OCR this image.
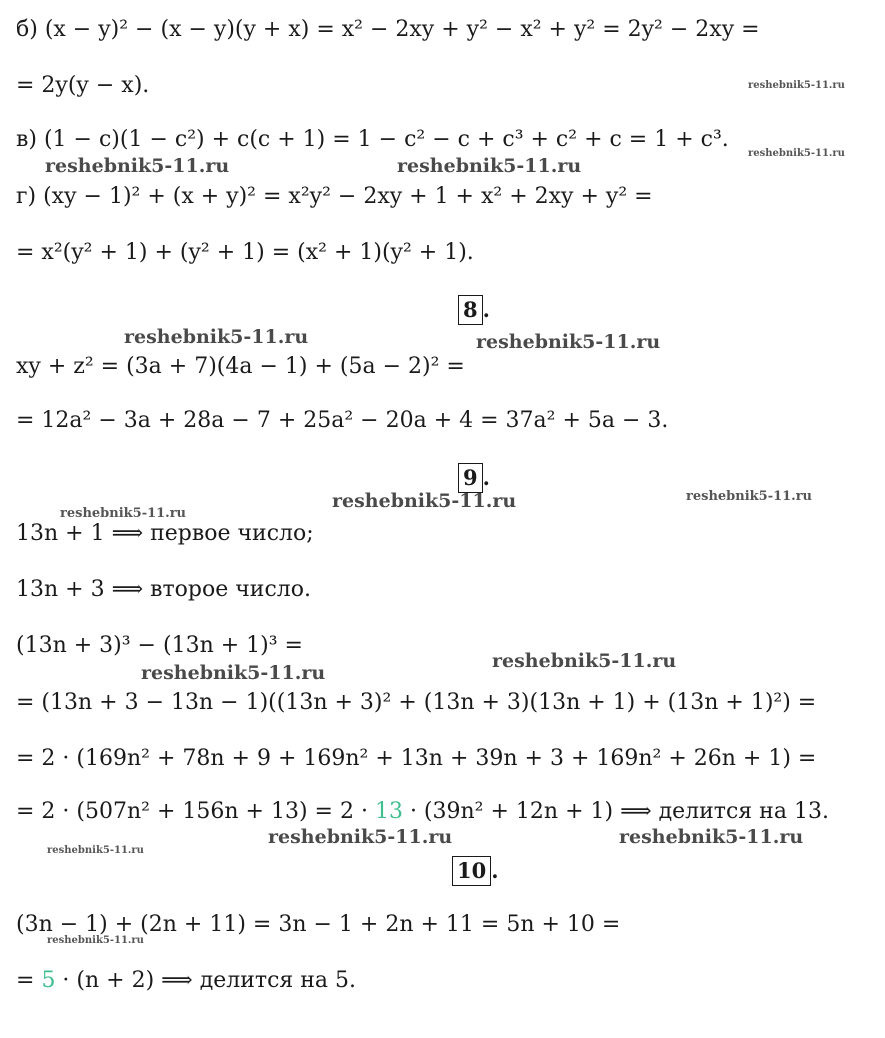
б) (x − y)² − (x − y)(y + x) = x² − 2xy + y² − x² + y² = 2y² − 2xy =
= 2y(y − x).
в) (1 − c)(1 − c²) + c(c + 1) = 1 − c² − c + c³ + c² + c = 1 + c³.
г) (xy − 1)² + (x + y)² = x²y² − 2xy + 1 + x² + 2xy + y² =
= x²(y² + 1) + (y² + 1) = (x² + 1)(y² + 1).
8 .
xy + z² = (3a + 7)(4a − 1) + (5a − 2)² =
= 12a² − 3a + 28a − 7 + 25a² − 20a + 4 = 37a² + 5a − 3.
9 .
13n + 1 ⟹ первое число;
13n + 3 ⟹ второе число.
(13n + 3)³ − (13n + 1)³ =
= (13n + 3 − 13n − 1)((13n + 3)² + (13n + 3)(13n + 1) + (13n + 1)²) =
= 2 · (169n² + 78n + 9 + 169n² + 13n + 39n + 3 + 169n² + 26n + 1) =
= 2 · (507n² + 156n + 13) = 2 · 13 · (39n² + 12n + 1) ⟹ делится на 13.
10 .
(3n − 1) + (2n + 11) = 3n − 1 + 2n + 11 = 5n + 10 =
= 5 · (n + 2) ⟹ делится на 5.
reshebnik5-11.ru
reshebnik5-11.ru
reshebnik5-11.ru	reshebnik5-11.ru
reshebnik5-11.ru	reshebnik5-11.ru
reshebnik5-11.ru
reshebnik5-11.ru	reshebnik5-11.ru
reshebnik5-11.ru
reshebnik5-11.ru
reshebnik5-11.ru	reshebnik5-11.ru
reshebnik5-11.ru
reshebnik5-11.ru
